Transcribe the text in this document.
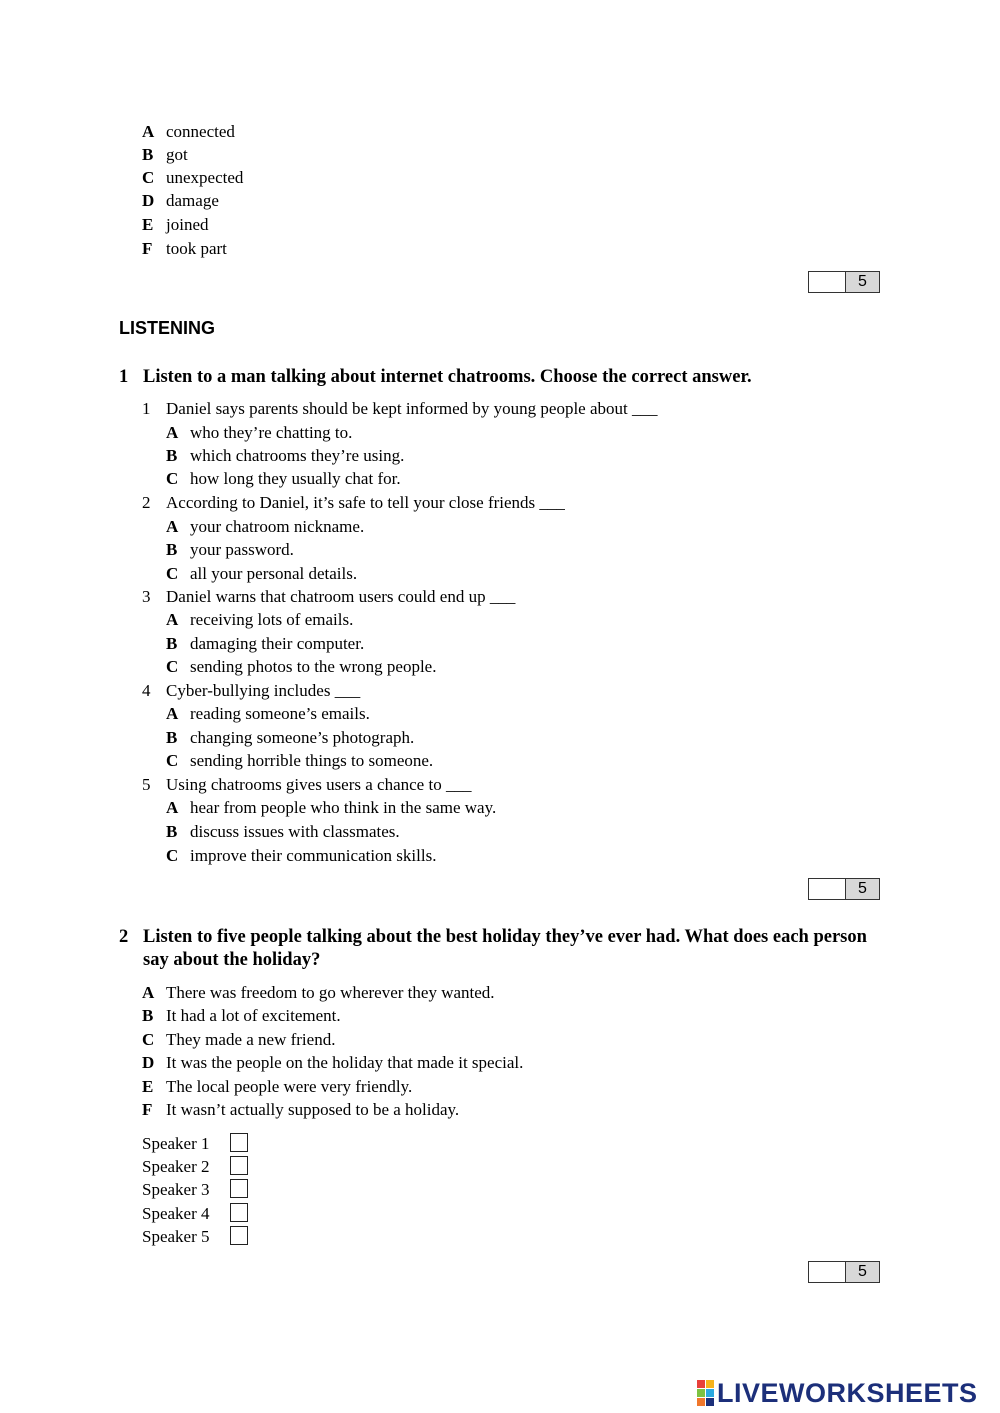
A connected
B got
C unexpected
D damage
E joined
F took part
5
LISTENING
1 Listen to a man talking about internet chatrooms. Choose the correct answer.
1 Daniel says parents should be kept informed by young people about ___
A who they’re chatting to.
B which chatrooms they’re using.
C how long they usually chat for.
2 According to Daniel, it’s safe to tell your close friends ___
A your chatroom nickname.
B your password.
C all your personal details.
3 Daniel warns that chatroom users could end up ___
A receiving lots of emails.
B damaging their computer.
C sending photos to the wrong people.
4 Cyber-bullying includes ___
A reading someone’s emails.
B changing someone’s photograph.
C sending horrible things to someone.
5 Using chatrooms gives users a chance to ___
A hear from people who think in the same way.
B discuss issues with classmates.
C improve their communication skills.
5
2 Listen to five people talking about the best holiday they’ve ever had. What does each person say about the holiday?
A There was freedom to go wherever they wanted.
B It had a lot of excitement.
C They made a new friend.
D It was the people on the holiday that made it special.
E The local people were very friendly.
F It wasn’t actually supposed to be a holiday.
Speaker 1
Speaker 2
Speaker 3
Speaker 4
Speaker 5
5
LIVEWORKSHEETS
